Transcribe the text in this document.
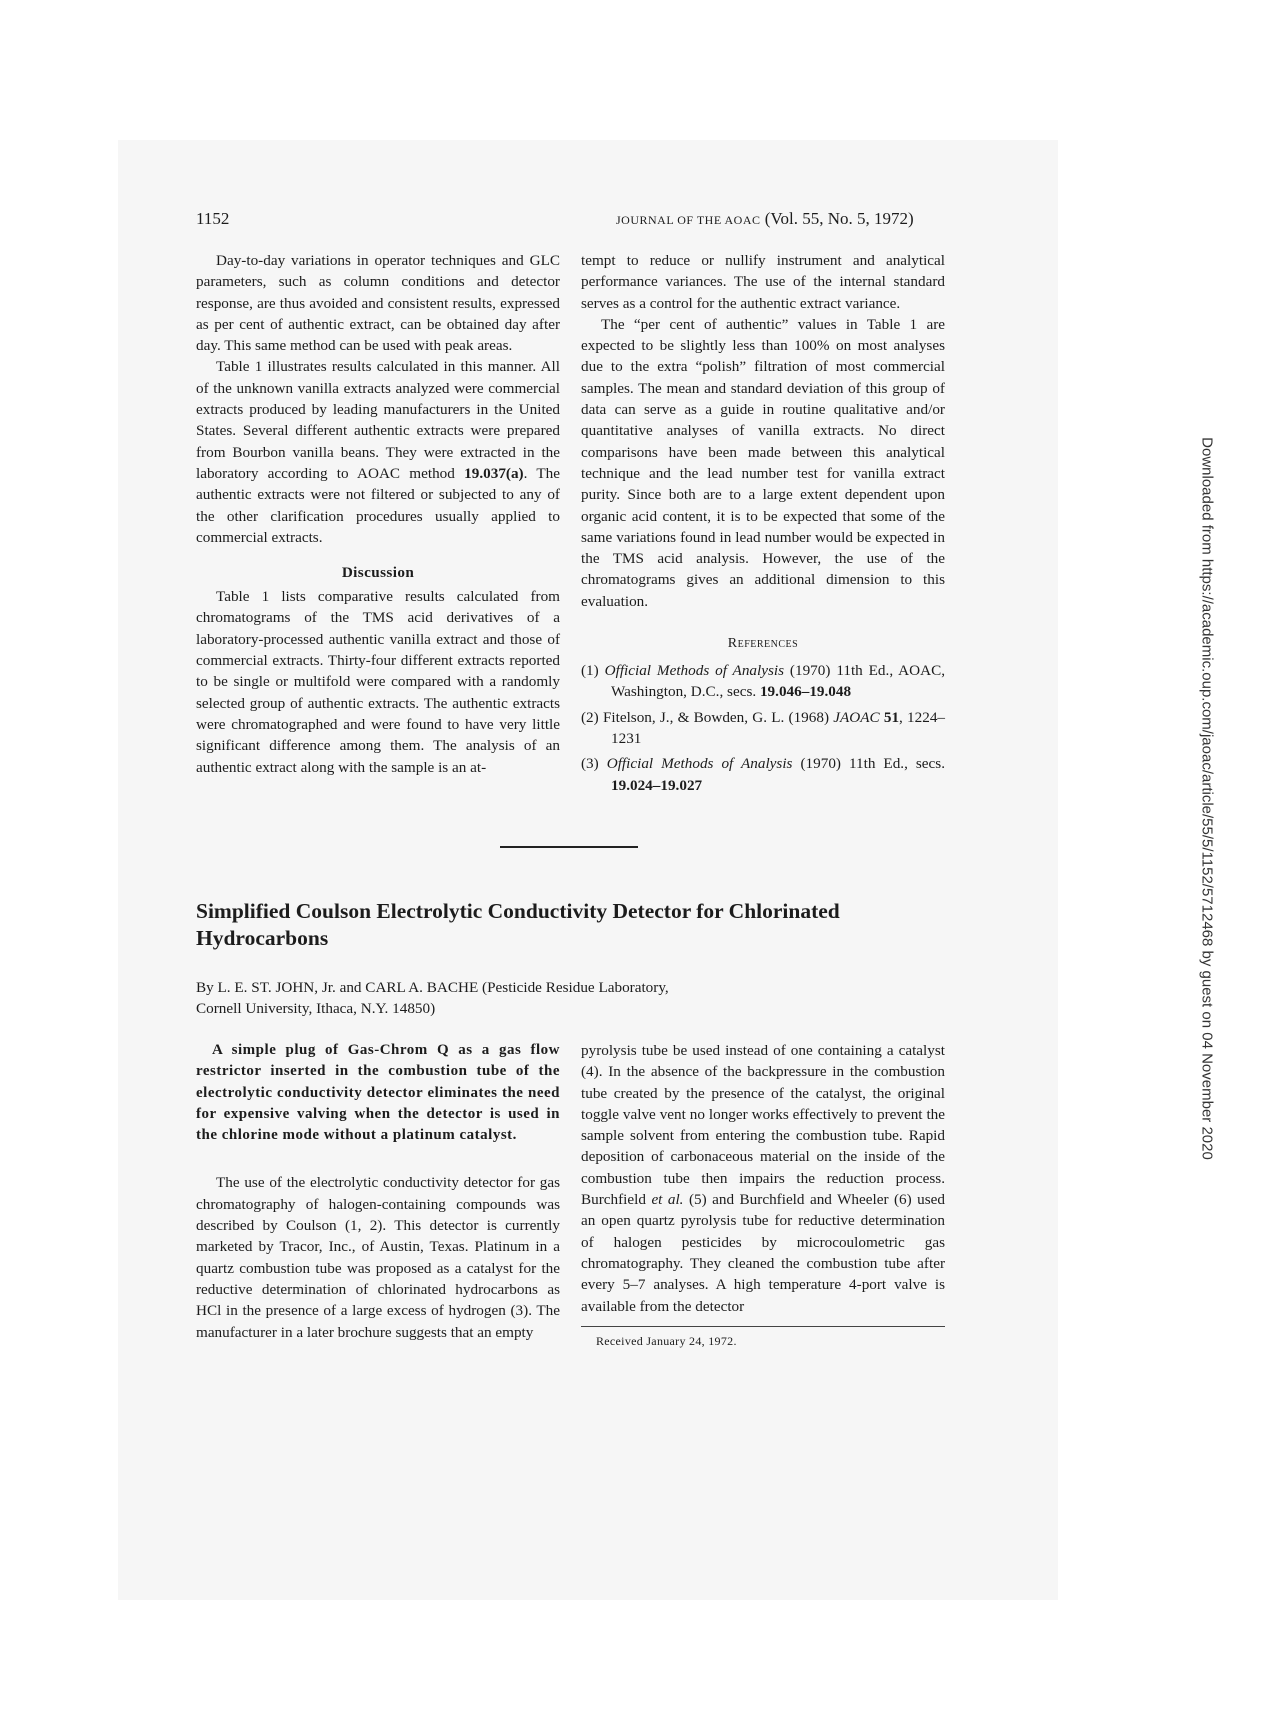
1152	JOURNAL OF THE AOAC (Vol. 55, No. 5, 1972)

Day-to-day variations in operator techniques and GLC parameters, such as column conditions and detector response, are thus avoided and consistent results, expressed as per cent of authentic extract, can be obtained day after day. This same method can be used with peak areas.

Table 1 illustrates results calculated in this manner. All of the unknown vanilla extracts analyzed were commercial extracts produced by leading manufacturers in the United States. Several different authentic extracts were prepared from Bourbon vanilla beans. They were extracted in the laboratory according to AOAC method 19.037(a). The authentic extracts were not filtered or subjected to any of the other clarification procedures usually applied to commercial extracts.

Discussion

Table 1 lists comparative results calculated from chromatograms of the TMS acid derivatives of a laboratory-processed authentic vanilla extract and those of commercial extracts. Thirty-four different extracts reported to be single or multifold were compared with a randomly selected group of authentic extracts. The authentic extracts were chromatographed and were found to have very little significant difference among them. The analysis of an authentic extract along with the sample is an at-

tempt to reduce or nullify instrument and analytical performance variances. The use of the internal standard serves as a control for the authentic extract variance.

The “per cent of authentic” values in Table 1 are expected to be slightly less than 100% on most analyses due to the extra “polish” filtration of most commercial samples. The mean and standard deviation of this group of data can serve as a guide in routine qualitative and/or quantitative analyses of vanilla extracts. No direct comparisons have been made between this analytical technique and the lead number test for vanilla extract purity. Since both are to a large extent dependent upon organic acid content, it is to be expected that some of the same variations found in lead number would be expected in the TMS acid analysis. However, the use of the chromatograms gives an additional dimension to this evaluation.

References

(1) Official Methods of Analysis (1970) 11th Ed., AOAC, Washington, D.C., secs. 19.046–19.048

(2) Fitelson, J., & Bowden, G. L. (1968) JAOAC 51, 1224–1231

(3) Official Methods of Analysis (1970) 11th Ed., secs. 19.024–19.027

Simplified Coulson Electrolytic Conductivity Detector for Chlorinated Hydrocarbons
By L. E. ST. JOHN, Jr. and CARL A. BACHE (Pesticide Residue Laboratory,
Cornell University, Ithaca, N.Y. 14850)

A simple plug of Gas-Chrom Q as a gas flow restrictor inserted in the combustion tube of the electrolytic conductivity detector eliminates the need for expensive valving when the detector is used in the chlorine mode without a platinum catalyst.

The use of the electrolytic conductivity detector for gas chromatography of halogen-containing compounds was described by Coulson (1, 2). This detector is currently marketed by Tracor, Inc., of Austin, Texas. Platinum in a quartz combustion tube was proposed as a catalyst for the reductive determination of chlorinated hydrocarbons as HCl in the presence of a large excess of hydrogen (3). The manufacturer in a later brochure suggests that an empty

pyrolysis tube be used instead of one containing a catalyst (4). In the absence of the backpressure in the combustion tube created by the presence of the catalyst, the original toggle valve vent no longer works effectively to prevent the sample solvent from entering the combustion tube. Rapid deposition of carbonaceous material on the inside of the combustion tube then impairs the reduction process. Burchfield et al. (5) and Burchfield and Wheeler (6) used an open quartz pyrolysis tube for reductive determination of halogen pesticides by microcoulometric gas chromatography. They cleaned the combustion tube after every 5–7 analyses. A high temperature 4-port valve is available from the detector

Received January 24, 1972.
Downloaded from https://academic.oup.com/jaoac/article/55/5/1152/5712468 by guest on 04 November 2020
